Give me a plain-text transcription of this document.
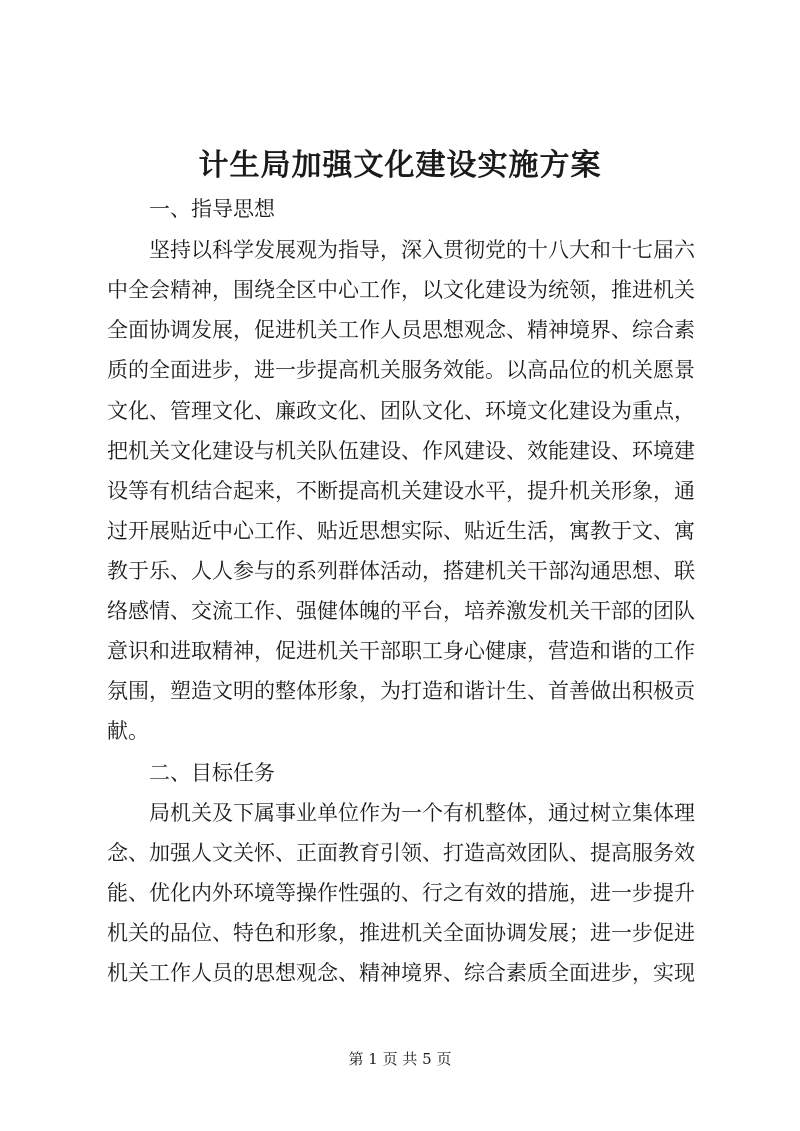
计生局加强文化建设实施方案
一、指导思想
坚持以科学发展观为指导，深入贯彻党的十八大和十七届六
中全会精神，围绕全区中心工作，以文化建设为统领，推进机关
全面协调发展，促进机关工作人员思想观念、精神境界、综合素
质的全面进步，进一步提高机关服务效能。以高品位的机关愿景
文化、管理文化、廉政文化、团队文化、环境文化建设为重点，
把机关文化建设与机关队伍建设、作风建设、效能建设、环境建
设等有机结合起来，不断提高机关建设水平，提升机关形象，通
过开展贴近中心工作、贴近思想实际、贴近生活，寓教于文、寓
教于乐、人人参与的系列群体活动，搭建机关干部沟通思想、联
络感情、交流工作、强健体魄的平台，培养激发机关干部的团队
意识和进取精神，促进机关干部职工身心健康，营造和谐的工作
氛围，塑造文明的整体形象，为打造和谐计生、首善做出积极贡
献。
二、目标任务
局机关及下属事业单位作为一个有机整体，通过树立集体理
念、加强人文关怀、正面教育引领、打造高效团队、提高服务效
能、优化内外环境等操作性强的、行之有效的措施，进一步提升
机关的品位、特色和形象，推进机关全面协调发展；进一步促进
机关工作人员的思想观念、精神境界、综合素质全面进步，实现
第 1 页 共 5 页
